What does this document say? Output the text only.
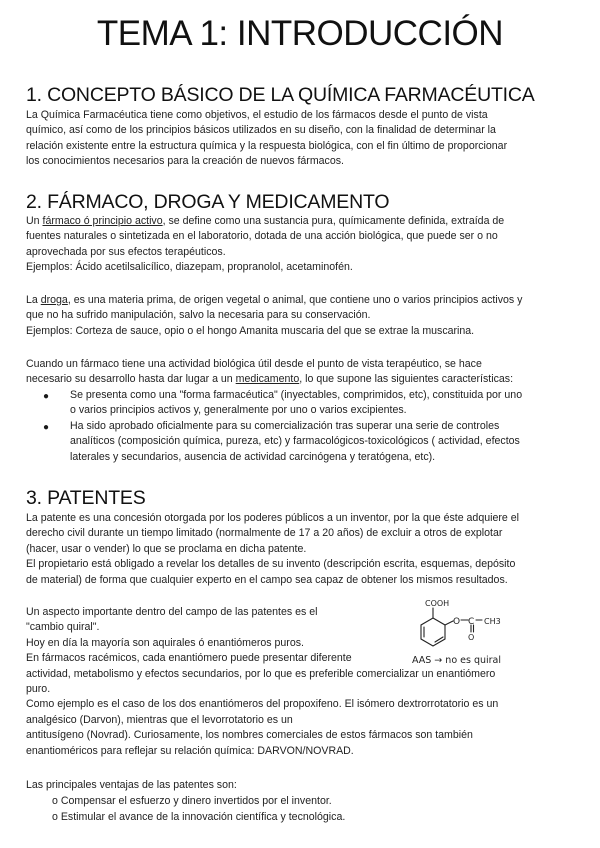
TEMA 1: INTRODUCCIÓN
1. CONCEPTO BÁSICO DE LA QUÍMICA FARMACÉUTICA
La Química Farmacéutica tiene como objetivos, el estudio de los fármacos desde el punto de vista
químico, así como de los principios básicos utilizados en su diseño, con la finalidad de determinar la
relación existente entre la estructura química y la respuesta biológica, con el fin último de proporcionar
los conocimientos necesarios para la creación de nuevos fármacos.
2. FÁRMACO, DROGA Y MEDICAMENTO
Un fármaco ó principio activo, se define como una sustancia pura, químicamente definida, extraída de
fuentes naturales o sintetizada en el laboratorio, dotada de una acción biológica, que puede ser o no
aprovechada por sus efectos terapéuticos.
Ejemplos: Ácido acetilsalicílico, diazepam, propranolol, acetaminofén.
La droga, es una materia prima, de origen vegetal o animal, que contiene uno o varios principios activos y
que no ha sufrido manipulación, salvo la necesaria para su conservación.
Ejemplos: Corteza de sauce, opio o el hongo Amanita muscaria del que se extrae la muscarina.
Cuando un fármaco tiene una actividad biológica útil desde el punto de vista terapéutico, se hace
necesario su desarrollo hasta dar lugar a un medicamento, lo que supone las siguientes características:
● Se presenta como una "forma farmacéutica" (inyectables, comprimidos, etc), constituida por uno
o varios principios activos y, generalmente por uno o varios excipientes.
● Ha sido aprobado oficialmente para su comercialización tras superar una serie de controles
analíticos (composición química, pureza, etc) y farmacológicos-toxicológicos ( actividad, efectos
laterales y secundarios, ausencia de actividad carcinógena y teratógena, etc).
3. PATENTES
La patente es una concesión otorgada por los poderes públicos a un inventor, por la que éste adquiere el
derecho civil durante un tiempo limitado (normalmente de 17 a 20 años) de excluir a otros de explotar
(hacer, usar o vender) lo que se proclama en dicha patente.
El propietario está obligado a revelar los detalles de su invento (descripción escrita, esquemas, depósito
de material) de forma que cualquier experto en el campo sea capaz de obtener los mismos resultados.
Un aspecto importante dentro del campo de las patentes es el
"cambio quiral".
Hoy en día la mayoría son aquirales ó enantiómeros puros.
En fármacos racémicos, cada enantiómero puede presentar diferente
actividad, metabolismo y efectos secundarios, por lo que es preferible comercializar un enantiómero
puro.
Como ejemplo es el caso de los dos enantiómeros del propoxifeno. El isómero dextrorrotatorio es un
analgésico (Darvon), mientras que el levorrotatorio es un
antitusígeno (Novrad). Curiosamente, los nombres comerciales de estos fármacos son también
enantioméricos para reflejar su relación química: DARVON/NOVRAD.
Las principales ventajas de las patentes son:
o Compensar el esfuerzo y dinero invertidos por el inventor.
o Estimular el avance de la innovación científica y tecnológica.
COOH
O C CH3
O
AAS → no es quiral
